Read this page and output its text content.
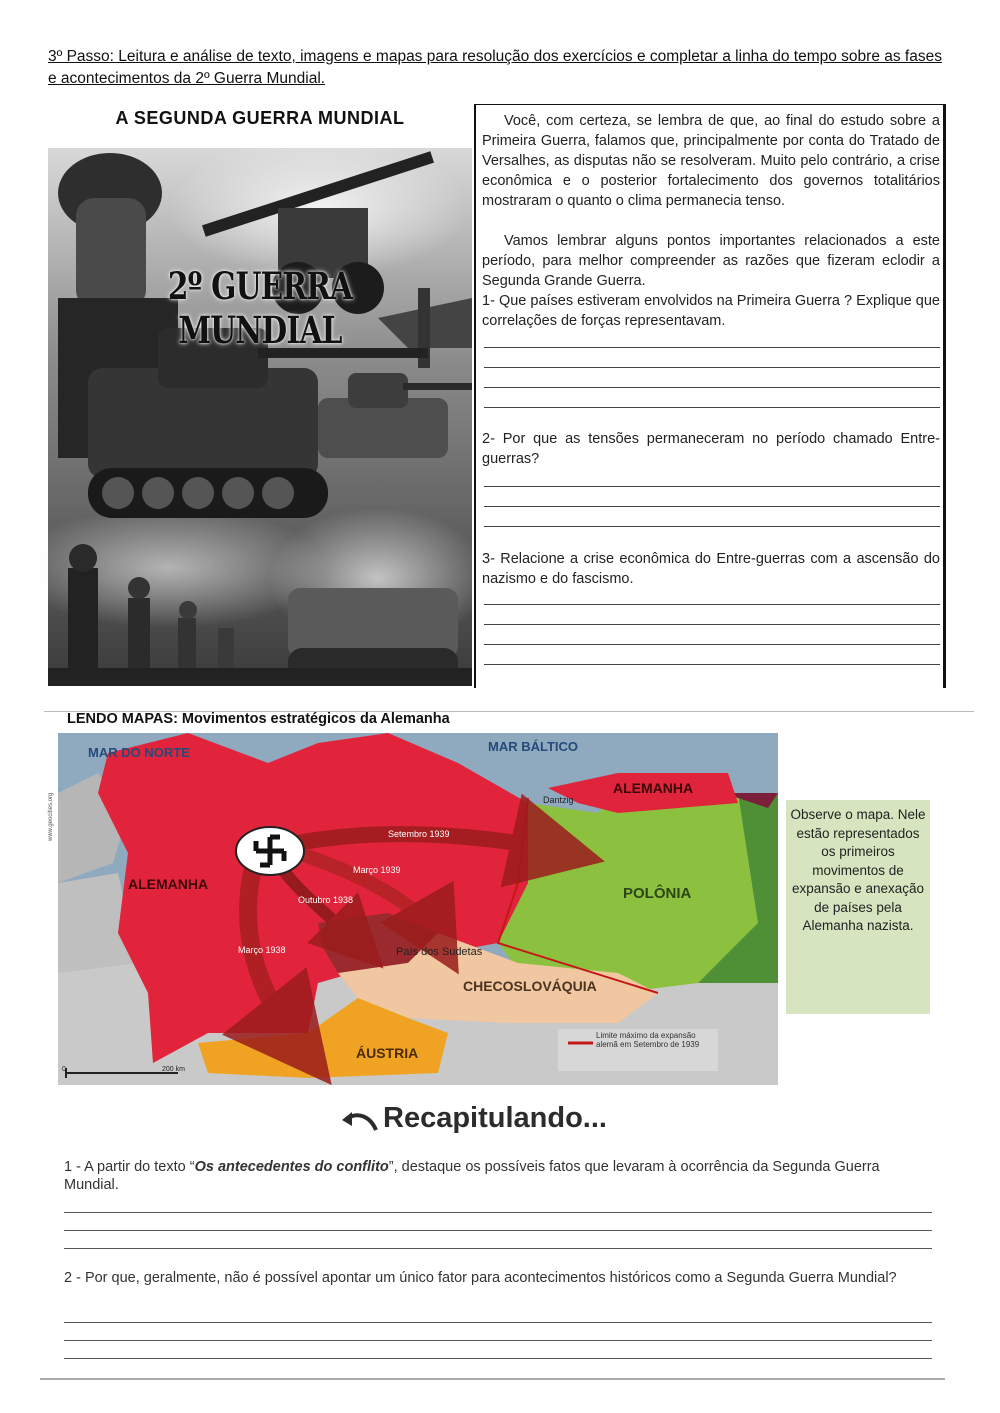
3º Passo: Leitura e análise de texto, imagens e mapas para resolução dos exercícios e completar a linha do tempo sobre as fases e acontecimentos da 2º Guerra Mundial.
A SEGUNDA GUERRA MUNDIAL
2º GUERRA MUNDIAL

Você, com certeza, se lembra de que, ao final do estudo sobre a Primeira Guerra, falamos que, principalmente por conta do Tratado de Versalhes, as disputas não se resolveram. Muito pelo contrário, a crise econômica e o posterior fortalecimento dos governos totalitários mostraram o quanto o clima permanecia tenso.

Vamos lembrar alguns pontos importantes relacionados a este período, para melhor compreender as razões que fizeram eclodir a Segunda Grande Guerra.

1- Que países estiveram envolvidos na Primeira Guerra ? Explique que correlações de forças representavam.

2- Por que as tensões permaneceram no período chamado Entre-guerras?

3- Relacione a crise econômica do Entre-guerras com a ascensão do nazismo e do fascismo.

LENDO MAPAS: Movimentos estratégicos da Alemanha
MAR DO NORTE	MAR BÁLTICO
ALEMANHA
ALEMANHA
Dantzig
POLÔNIA
País dos Sudetas
CHECOSLOVÁQUIA
ÁUSTRIA
Setembro 1939
Março 1939
Outubro 1938
Março 1938
Limite máximo da expansão alemã em Setembro de 1939
0	200 km
www.geocities.org	Observe o mapa. Nele estão representados os primeiros movimentos de expansão e anexação de países pela Alemanha nazista.
Recapitulando...
1 - A partir do texto “Os antecedentes do conflito”, destaque os possíveis fatos que levaram à ocorrência da Segunda Guerra Mundial.
2 - Por que, geralmente, não é possível apontar um único fator para acontecimentos históricos como a Segunda Guerra Mundial?
